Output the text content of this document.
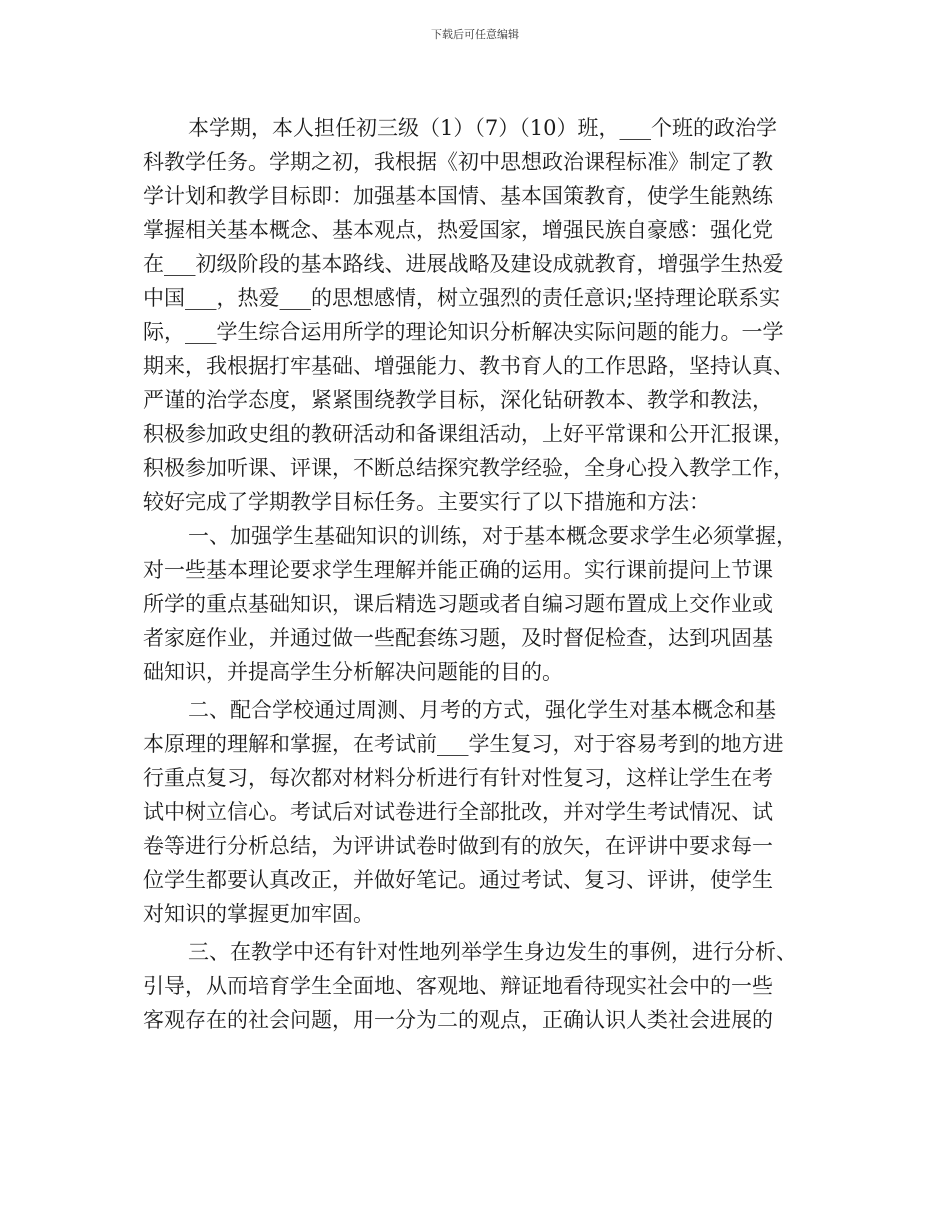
下载后可任意编辑
本学期，本人担任初三级（1）（7）（10）班，___个班的政治学
科教学任务。学期之初，我根据《初中思想政治课程标准》制定了教
学计划和教学目标即：加强基本国情、基本国策教育，使学生能熟练
掌握相关基本概念、基本观点，热爱国家，增强民族自豪感：强化党
在___初级阶段的基本路线、进展战略及建设成就教育，增强学生热爱
中国___，热爱___的思想感情，树立强烈的责任意识;坚持理论联系实
际，___学生综合运用所学的理论知识分析解决实际问题的能力。一学
期来，我根据打牢基础、增强能力、教书育人的工作思路，坚持认真、
严谨的治学态度，紧紧围绕教学目标，深化钻研教本、教学和教法，
积极参加政史组的教研活动和备课组活动，上好平常课和公开汇报课，
积极参加听课、评课，不断总结探究教学经验，全身心投入教学工作，
较好完成了学期教学目标任务。主要实行了以下措施和方法：
一、加强学生基础知识的训练，对于基本概念要求学生必须掌握，
对一些基本理论要求学生理解并能正确的运用。实行课前提问上节课
所学的重点基础知识，课后精选习题或者自编习题布置成上交作业或
者家庭作业，并通过做一些配套练习题，及时督促检查，达到巩固基
础知识，并提高学生分析解决问题能的目的。
二、配合学校通过周测、月考的方式，强化学生对基本概念和基
本原理的理解和掌握，在考试前___学生复习，对于容易考到的地方进
行重点复习，每次都对材料分析进行有针对性复习，这样让学生在考
试中树立信心。考试后对试卷进行全部批改，并对学生考试情况、试
卷等进行分析总结，为评讲试卷时做到有的放矢，在评讲中要求每一
位学生都要认真改正，并做好笔记。通过考试、复习、评讲，使学生
对知识的掌握更加牢固。
三、在教学中还有针对性地列举学生身边发生的事例，进行分析、
引导，从而培育学生全面地、客观地、辩证地看待现实社会中的一些
客观存在的社会问题，用一分为二的观点，正确认识人类社会进展的
